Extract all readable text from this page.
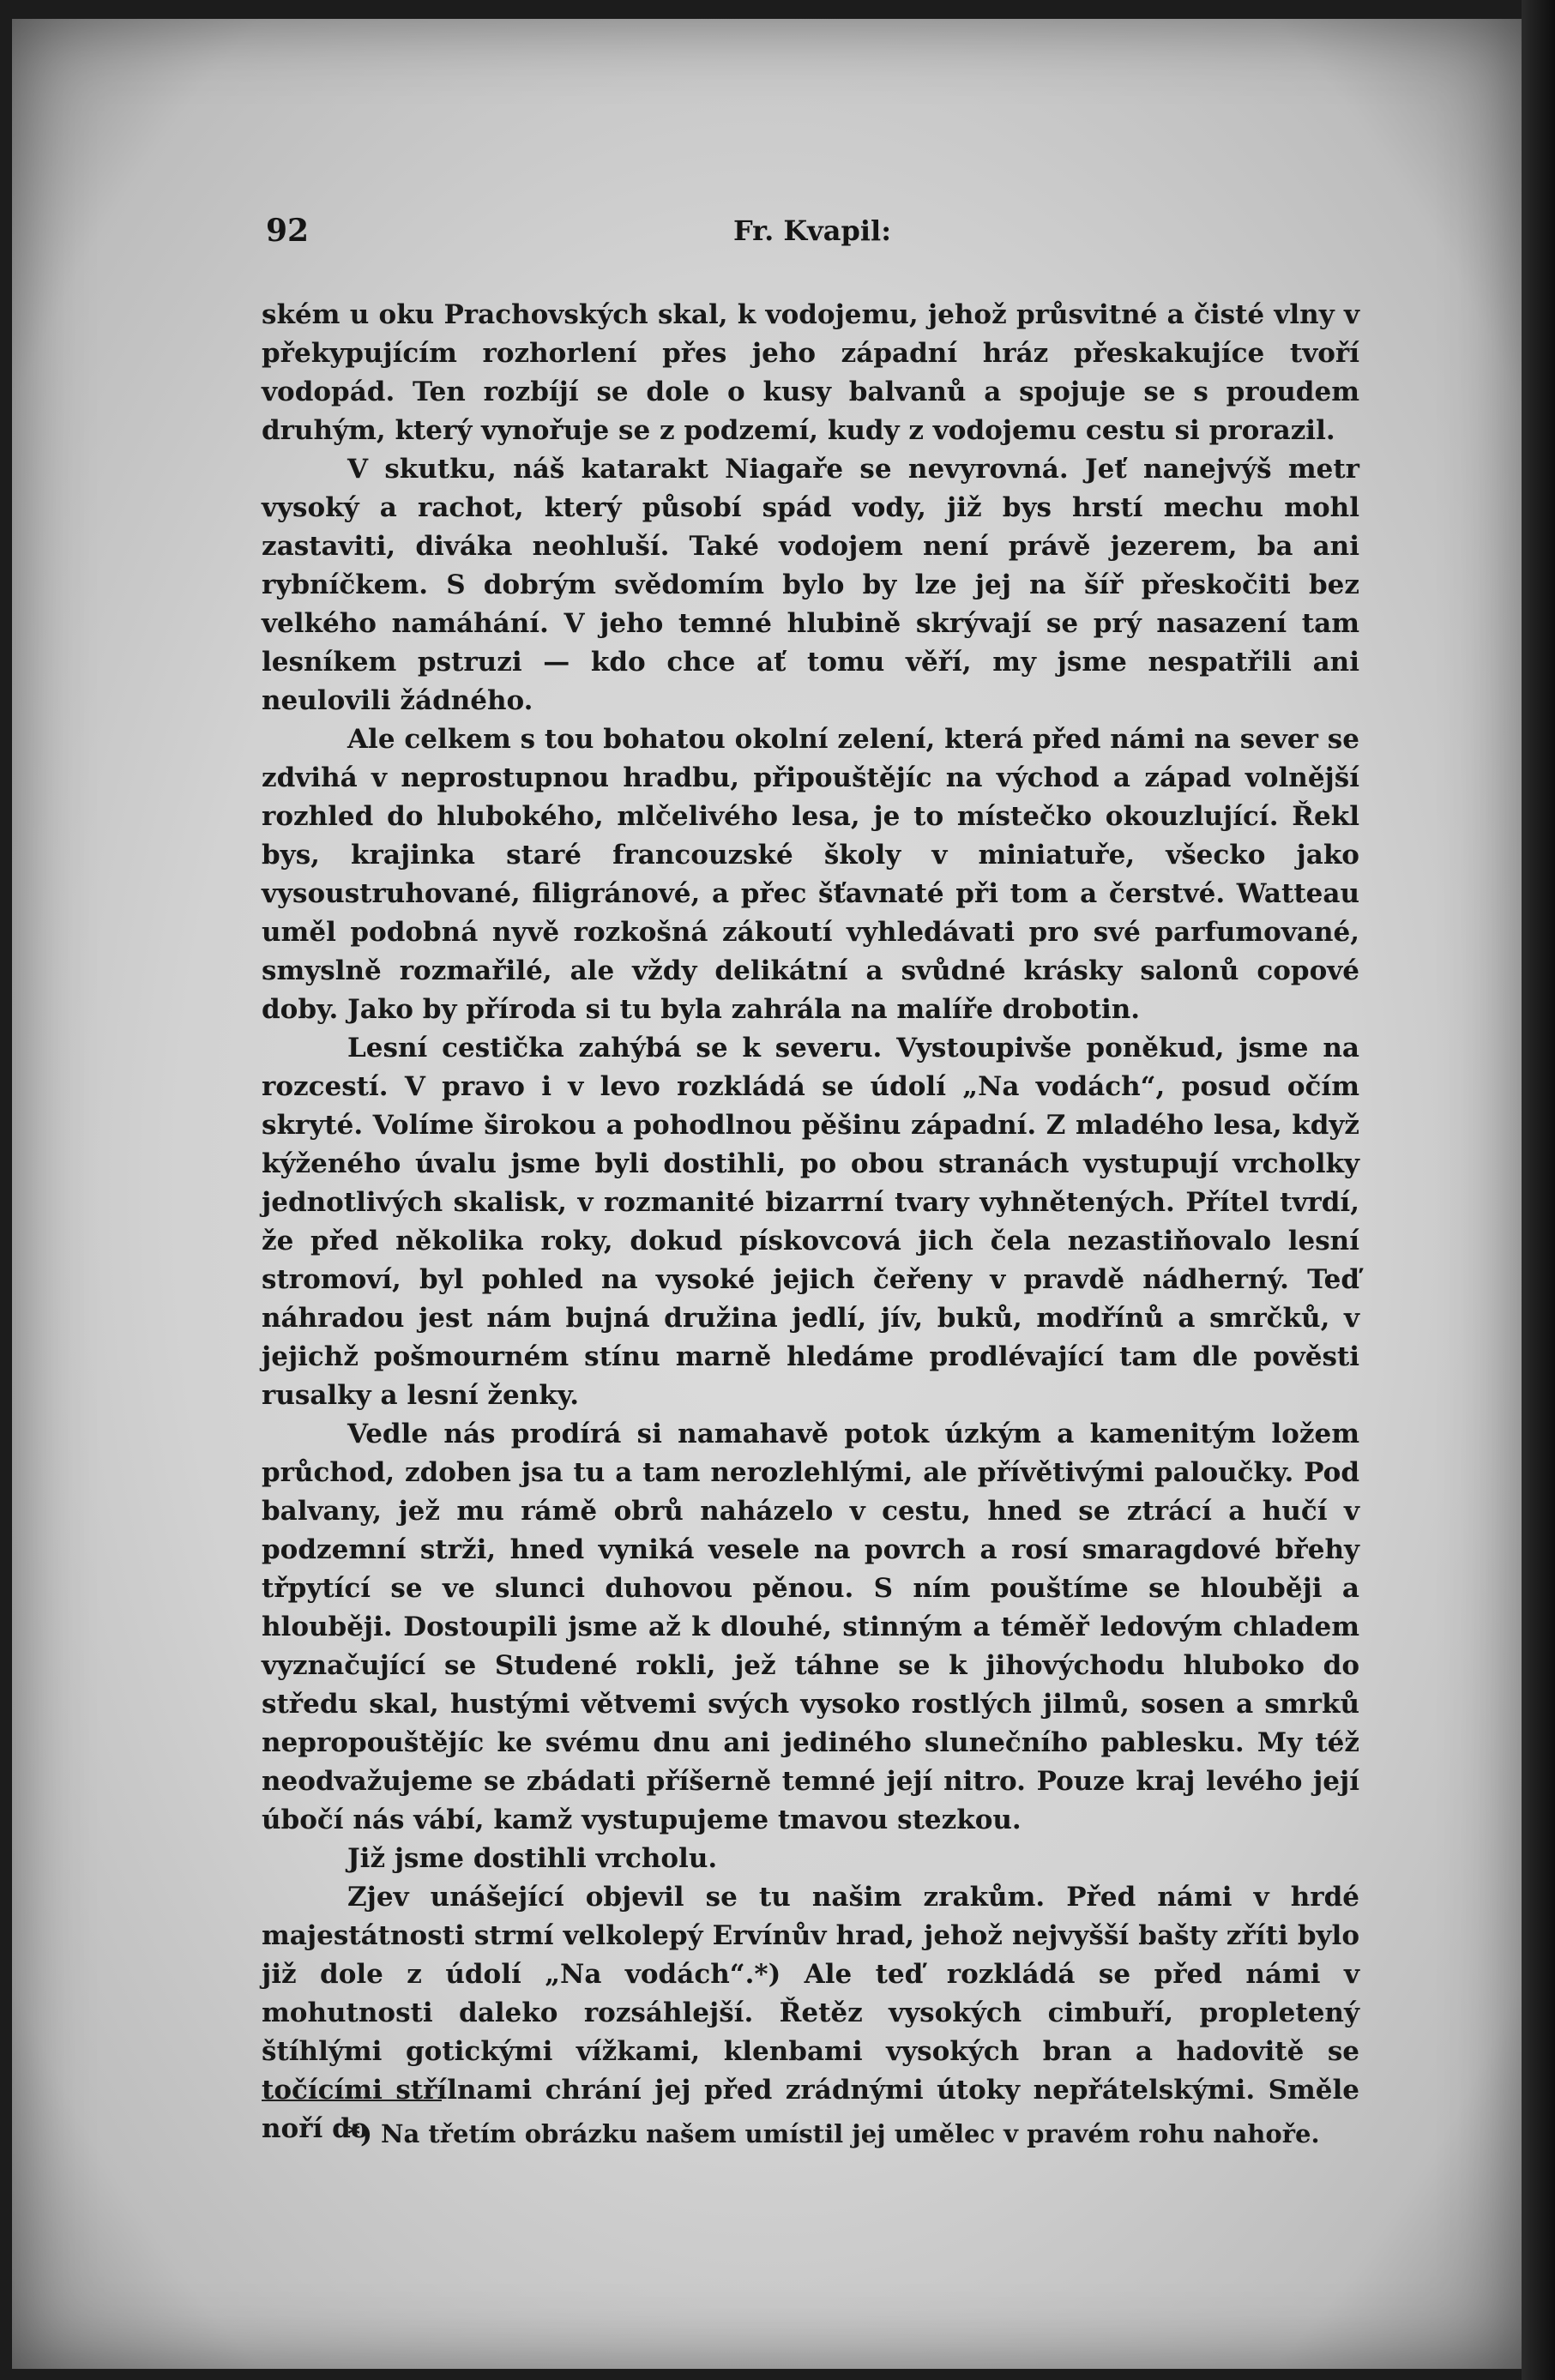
92	Fr. Kvapil:

ském u oku Prachovských skal, k vodojemu, jehož průsvitné a čisté vlny v překypujícím rozhorlení přes jeho západní hráz přeskakujíce tvoří vodopád. Ten rozbíjí se dole o kusy balvanů a spojuje se s proudem druhým, který vynořuje se z podzemí, kudy z vodojemu cestu si prorazil.

V skutku, náš katarakt Niagaře se nevyrovná. Jeť nanejvýš metr vysoký a rachot, který působí spád vody, již bys hrstí mechu mohl zastaviti, diváka neohluší. Také vodojem není právě jezerem, ba ani rybníčkem. S dobrým svědomím bylo by lze jej na šíř přeskočiti bez velkého namáhání. V jeho temné hlubině skrývají se prý nasazení tam lesníkem pstruzi — kdo chce ať tomu věří, my jsme nespatřili ani neulovili žádného.

Ale celkem s tou bohatou okolní zelení, která před námi na sever se zdvihá v neprostupnou hradbu, připouštějíc na východ a západ volnější rozhled do hlubokého, mlčelivého lesa, je to místečko okouzlující. Řekl bys, krajinka staré francouzské školy v miniatuře, všecko jako vysoustruhované, filigránové, a přec šťavnaté při tom a čerstvé. Watteau uměl podobná nyvě rozkošná zákoutí vyhledávati pro své parfumované, smyslně rozmařilé, ale vždy delikátní a svůdné krásky salonů copové doby. Jako by příroda si tu byla zahrála na malíře drobotin.

Lesní cestička zahýbá se k severu. Vystoupivše poněkud, jsme na rozcestí. V pravo i v levo rozkládá se údolí „Na vodách“, posud očím skryté. Volíme širokou a pohodlnou pěšinu západní. Z mladého lesa, když kýženého úvalu jsme byli dostihli, po obou stranách vystupují vrcholky jednotlivých skalisk, v rozmanité bizarrní tvary vyhnětených. Přítel tvrdí, že před několika roky, dokud pískovcová jich čela nezastiňovalo lesní stromoví, byl pohled na vysoké jejich čeřeny v pravdě nádherný. Teď náhradou jest nám bujná družina jedlí, jív, buků, modřínů a smrčků, v jejichž pošmourném stínu marně hledáme prodlévající tam dle pověsti rusalky a lesní ženky.

Vedle nás prodírá si namahavě potok úzkým a kamenitým ložem průchod, zdoben jsa tu a tam nerozlehlými, ale přívětivými paloučky. Pod balvany, jež mu rámě obrů naházelo v cestu, hned se ztrácí a hučí v podzemní strži, hned vyniká vesele na povrch a rosí smaragdové břehy třpytící se ve slunci duhovou pěnou. S ním pouštíme se hlouběji a hlouběji. Dostoupili jsme až k dlouhé, stinným a téměř ledovým chladem vyznačující se Studené rokli, jež táhne se k jihovýchodu hluboko do středu skal, hustými větvemi svých vysoko rostlých jilmů, sosen a smrků nepropouštějíc ke svému dnu ani jediného slunečního pablesku. My též neodvažujeme se zbádati příšerně temné její nitro. Pouze kraj levého její úbočí nás vábí, kamž vystupujeme tmavou stezkou.

Již jsme dostihli vrcholu.

Zjev unášející objevil se tu našim zrakům. Před námi v hrdé majestátnosti strmí velkolepý Ervínův hrad, jehož nejvyšší bašty zříti bylo již dole z údolí „Na vodách“.*) Ale teď rozkládá se před námi v mohutnosti daleko rozsáhlejší. Řetěz vysokých cimbuří, propletený štíhlými gotickými vížkami, klenbami vysokých bran a hadovitě se točícími střílnami chrání jej před zrádnými útoky nepřátelskými. Směle noří do

*) Na třetím obrázku našem umístil jej umělec v pravém rohu nahoře.
